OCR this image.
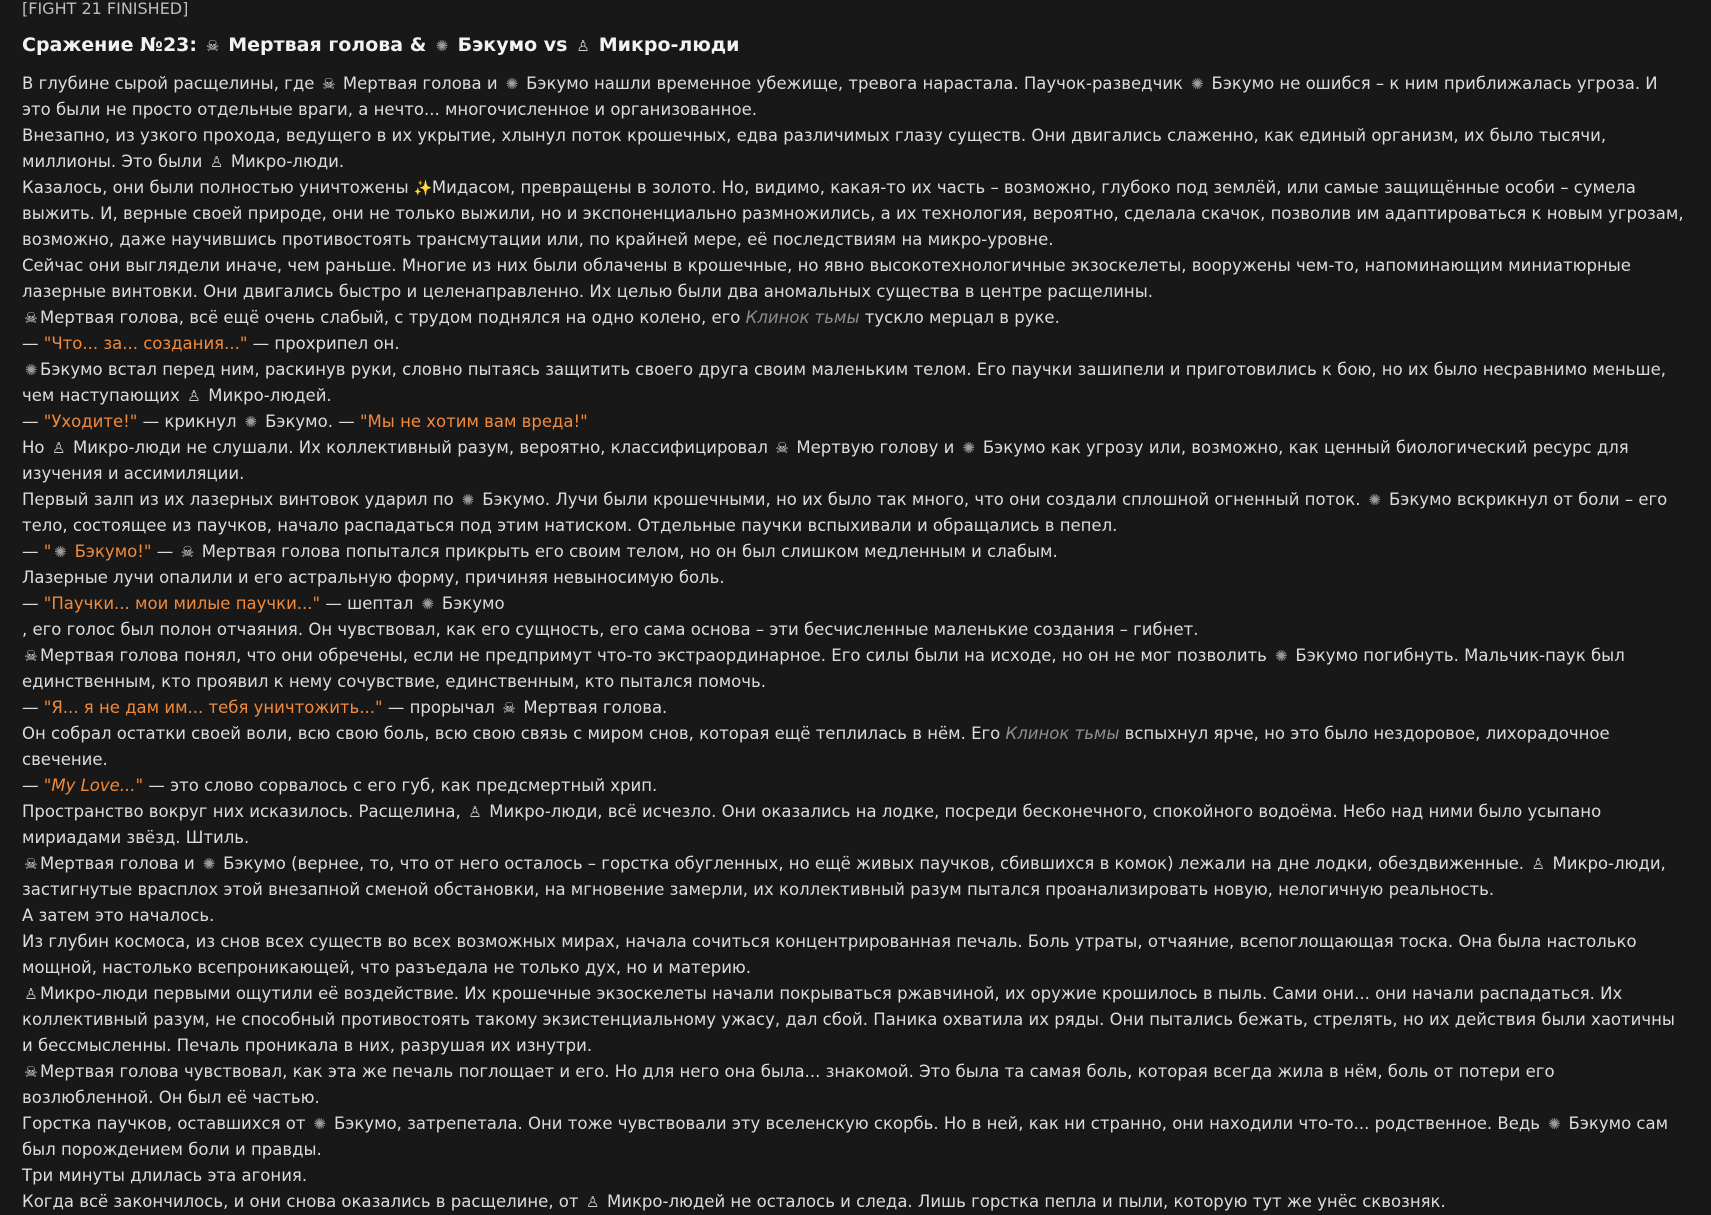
[FIGHT 21 FINISHED]
Сражение №23: ☠ Мертвая голова & ✺ Бэкумо vs ♙ Микро-люди
В глубине сырой расщелины, где ☠ Мертвая голова и ✺ Бэкумо нашли временное убежище, тревога нарастала. Паучок-разведчик ✺ Бэкумо не ошибся – к ним приближалась угроза. И это были не просто отдельные враги, а нечто... многочисленное и организованное.
Внезапно, из узкого прохода, ведущего в их укрытие, хлынул поток крошечных, едва различимых глазу существ. Они двигались слаженно, как единый организм, их было тысячи, миллионы. Это были ♙ Микро-люди.
Казалось, они были полностью уничтожены ✨Мидасом, превращены в золото. Но, видимо, какая-то их часть – возможно, глубоко под землёй, или самые защищённые особи – сумела выжить. И, верные своей природе, они не только выжили, но и экспоненциально размножились, а их технология, вероятно, сделала скачок, позволив им адаптироваться к новым угрозам, возможно, даже научившись противостоять трансмутации или, по крайней мере, её последствиям на микро-уровне.
Сейчас они выглядели иначе, чем раньше. Многие из них были облачены в крошечные, но явно высокотехнологичные экзоскелеты, вооружены чем-то, напоминающим миниатюрные лазерные винтовки. Они двигались быстро и целенаправленно. Их целью были два аномальных существа в центре расщелины.
☠ Мертвая голова, всё ещё очень слабый, с трудом поднялся на одно колено, его Клинок тьмы тускло мерцал в руке.
— "Что... за... создания..." — прохрипел он.
✺ Бэкумо встал перед ним, раскинув руки, словно пытаясь защитить своего друга своим маленьким телом. Его паучки зашипели и приготовились к бою, но их было несравнимо меньше, чем наступающих ♙ Микро-людей.
— "Уходите!" — крикнул ✺ Бэкумо. — "Мы не хотим вам вреда!"
Но ♙ Микро-люди не слушали. Их коллективный разум, вероятно, классифицировал ☠ Мертвую голову и ✺ Бэкумо как угрозу или, возможно, как ценный биологический ресурс для изучения и ассимиляции.
Первый залп из их лазерных винтовок ударил по ✺ Бэкумо. Лучи были крошечными, но их было так много, что они создали сплошной огненный поток. ✺ Бэкумо вскрикнул от боли – его тело, состоящее из паучков, начало распадаться под этим натиском. Отдельные паучки вспыхивали и обращались в пепел.
— " ✺ Бэкумо!" — ☠ Мертвая голова попытался прикрыть его своим телом, но он был слишком медленным и слабым.
Лазерные лучи опалили и его астральную форму, причиняя невыносимую боль.
— "Паучки... мои милые паучки..." — шептал ✺ Бэкумо
, его голос был полон отчаяния. Он чувствовал, как его сущность, его сама основа – эти бесчисленные маленькие создания – гибнет.
☠ Мертвая голова понял, что они обречены, если не предпримут что-то экстраординарное. Его силы были на исходе, но он не мог позволить ✺ Бэкумо погибнуть. Мальчик-паук был единственным, кто проявил к нему сочувствие, единственным, кто пытался помочь.
— "Я... я не дам им... тебя уничтожить..." — прорычал ☠ Мертвая голова.
Он собрал остатки своей воли, всю свою боль, всю свою связь с миром снов, которая ещё теплилась в нём. Его Клинок тьмы вспыхнул ярче, но это было нездоровое, лихорадочное свечение.
— "My Love..." — это слово сорвалось с его губ, как предсмертный хрип.
Пространство вокруг них исказилось. Расщелина, ♙ Микро-люди, всё исчезло. Они оказались на лодке, посреди бесконечного, спокойного водоёма. Небо над ними было усыпано мириадами звёзд. Штиль.
☠ Мертвая голова и ✺ Бэкумо (вернее, то, что от него осталось – горстка обугленных, но ещё живых паучков, сбившихся в комок) лежали на дне лодки, обездвиженные. ♙ Микро-люди, застигнутые врасплох этой внезапной сменой обстановки, на мгновение замерли, их коллективный разум пытался проанализировать новую, нелогичную реальность.
А затем это началось.
Из глубин космоса, из снов всех существ во всех возможных мирах, начала сочиться концентрированная печаль. Боль утраты, отчаяние, всепоглощающая тоска. Она была настолько мощной, настолько всепроникающей, что разъедала не только дух, но и материю.
♙ Микро-люди первыми ощутили её воздействие. Их крошечные экзоскелеты начали покрываться ржавчиной, их оружие крошилось в пыль. Сами они... они начали распадаться. Их коллективный разум, не способный противостоять такому экзистенциальному ужасу, дал сбой. Паника охватила их ряды. Они пытались бежать, стрелять, но их действия были хаотичны и бессмысленны. Печаль проникала в них, разрушая их изнутри.
☠ Мертвая голова чувствовал, как эта же печаль поглощает и его. Но для него она была... знакомой. Это была та самая боль, которая всегда жила в нём, боль от потери его возлюбленной. Он был её частью.
Горстка паучков, оставшихся от ✺ Бэкумо, затрепетала. Они тоже чувствовали эту вселенскую скорбь. Но в ней, как ни странно, они находили что-то... родственное. Ведь ✺ Бэкумо сам был порождением боли и правды.
Три минуты длилась эта агония.
Когда всё закончилось, и они снова оказались в расщелине, от ♙ Микро-людей не осталось и следа. Лишь горстка пепла и пыли, которую тут же унёс сквозняк.
